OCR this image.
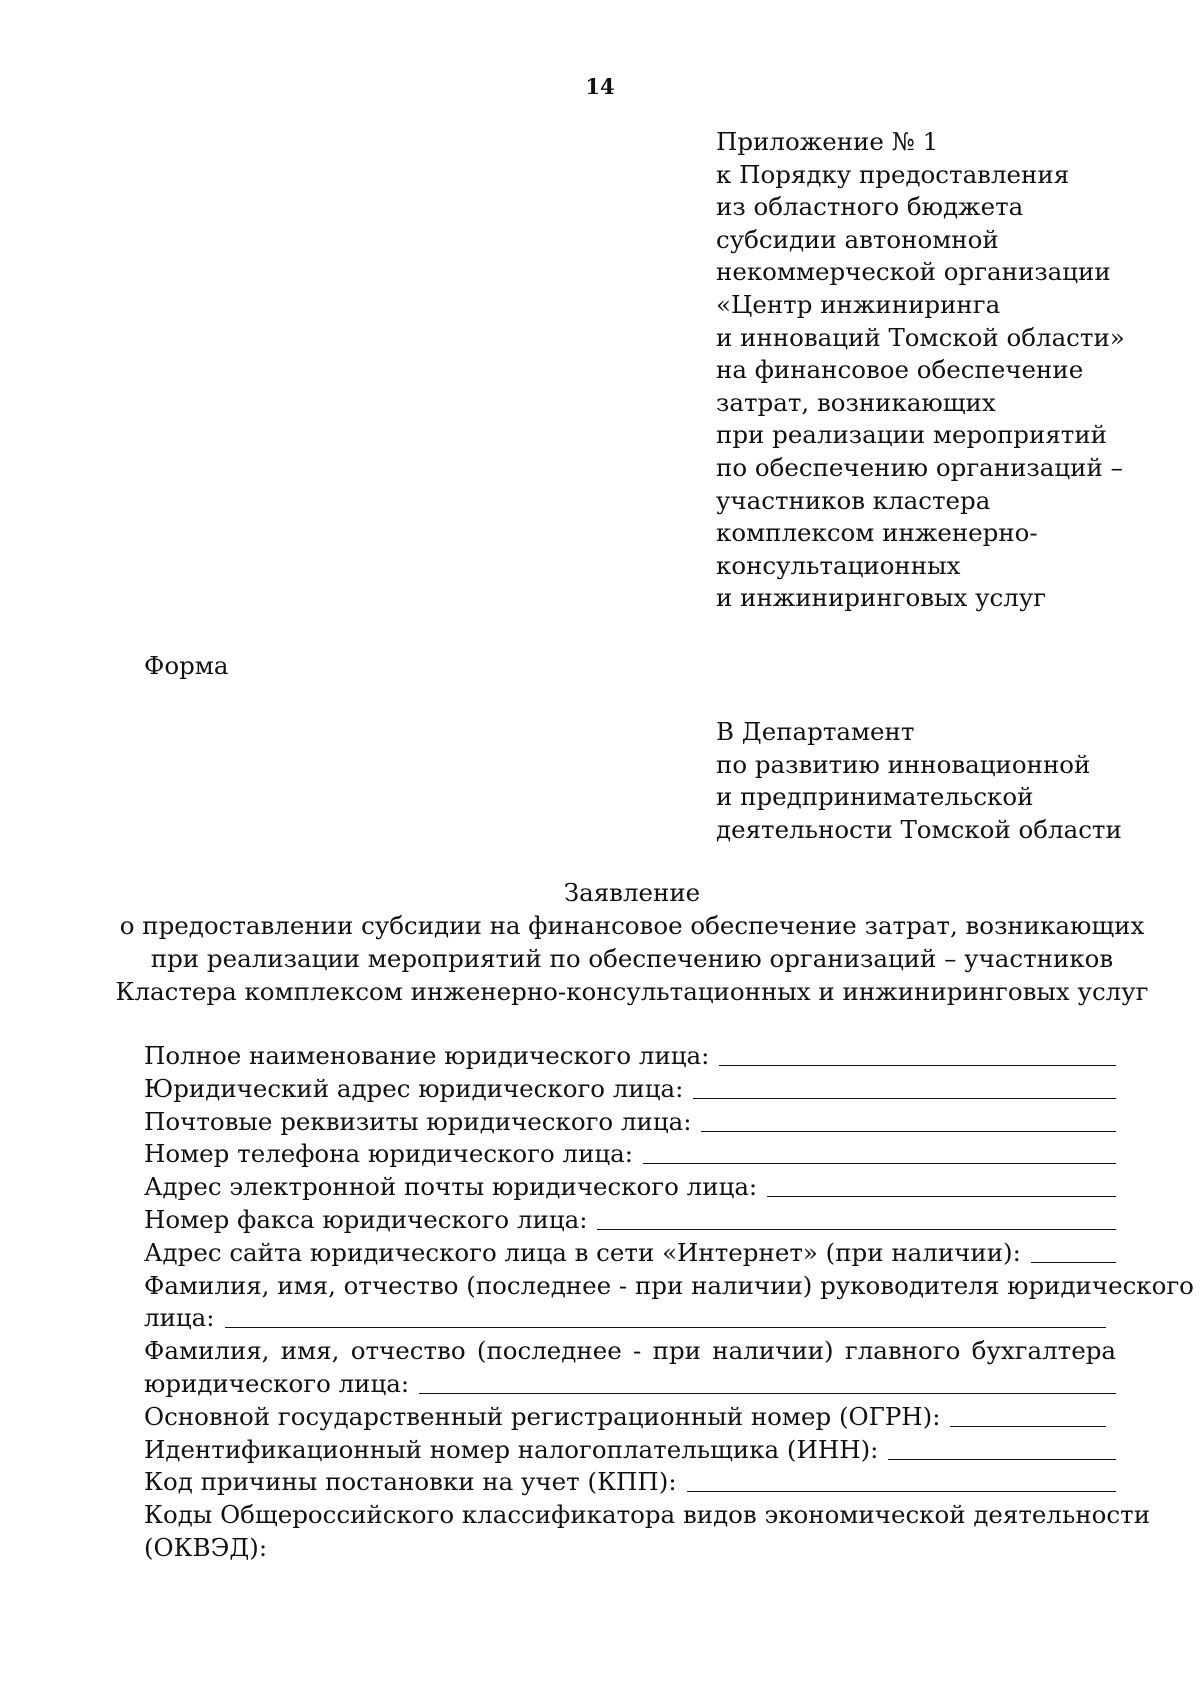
14
Приложение № 1
к Порядку предоставления
из областного бюджета
субсидии автономной
некоммерческой организации
«Центр инжиниринга
и инноваций Томской области»
на финансовое обеспечение
затрат, возникающих
при реализации мероприятий
по обеспечению организаций –
участников кластера
комплексом инженерно-
консультационных
и инжиниринговых услуг
Форма
В Департамент
по развитию инновационной
и предпринимательской
деятельности Томской области
Заявление
о предоставлении субсидии на финансовое обеспечение затрат, возникающих
при реализации мероприятий по обеспечению организаций – участников
Кластера комплексом инженерно-консультационных и инжиниринговых услуг
Полное наименование юридического лица:
Юридический адрес юридического лица:
Почтовые реквизиты юридического лица:
Номер телефона юридического лица:
Адрес электронной почты юридического лица:
Номер факса юридического лица:
Адрес сайта юридического лица в сети «Интернет» (при наличии):
Фамилия, имя, отчество (последнее - при наличии) руководителя юридического
лица:
Фамилия, имя, отчество (последнее - при наличии) главного бухгалтера
юридического лица:
Основной государственный регистрационный номер (ОГРН):
Идентификационный номер налогоплательщика (ИНН):
Код причины постановки на учет (КПП):
Коды Общероссийского классификатора видов экономической деятельности
(ОКВЭД):
